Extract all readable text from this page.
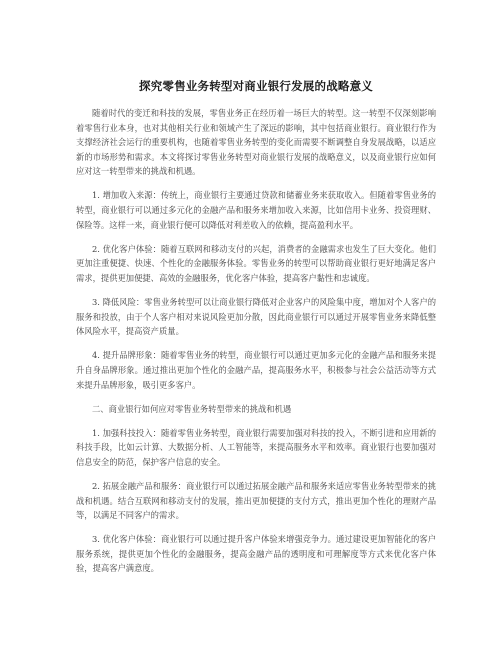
探究零售业务转型对商业银行发展的战略意义

随着时代的变迁和科技的发展，零售业务正在经历着一场巨大的转型。这一转型不仅深刻影响着零售行业本身，也对其他相关行业和领域产生了深远的影响，其中包括商业银行。商业银行作为支撑经济社会运行的重要机构，也随着零售业务转型的变化而需要不断调整自身发展战略，以适应新的市场形势和需求。本文将探讨零售业务转型对商业银行发展的战略意义，以及商业银行应如何应对这一转型带来的挑战和机遇。

1. 增加收入来源：传统上，商业银行主要通过贷款和储蓄业务来获取收入。但随着零售业务的转型，商业银行可以通过多元化的金融产品和服务来增加收入来源，比如信用卡业务、投资理财、保险等。这样一来，商业银行便可以降低对利差收入的依赖，提高盈利水平。

2. 优化客户体验：随着互联网和移动支付的兴起，消费者的金融需求也发生了巨大变化。他们更加注重便捷、快速、个性化的金融服务体验。零售业务的转型可以帮助商业银行更好地满足客户需求，提供更加便捷、高效的金融服务，优化客户体验，提高客户黏性和忠诚度。

3. 降低风险：零售业务转型可以让商业银行降低对企业客户的风险集中度，增加对个人客户的服务和投放，由于个人客户相对来说风险更加分散，因此商业银行可以通过开展零售业务来降低整体风险水平，提高资产质量。

4. 提升品牌形象：随着零售业务的转型，商业银行可以通过更加多元化的金融产品和服务来提升自身品牌形象。通过推出更加个性化的金融产品，提高服务水平，积极参与社会公益活动等方式来提升品牌形象，吸引更多客户。

二、商业银行如何应对零售业务转型带来的挑战和机遇

1. 加强科技投入：随着零售业务转型，商业银行需要加强对科技的投入，不断引进和应用新的科技手段，比如云计算、大数据分析、人工智能等，来提高服务水平和效率。商业银行也要加强对信息安全的防范，保护客户信息的安全。

2. 拓展金融产品和服务：商业银行可以通过拓展金融产品和服务来适应零售业务转型带来的挑战和机遇。结合互联网和移动支付的发展，推出更加便捷的支付方式，推出更加个性化的理财产品等，以满足不同客户的需求。

3. 优化客户体验：商业银行可以通过提升客户体验来增强竞争力。通过建设更加智能化的客户服务系统，提供更加个性化的金融服务，提高金融产品的透明度和可理解度等方式来优化客户体验，提高客户满意度。
